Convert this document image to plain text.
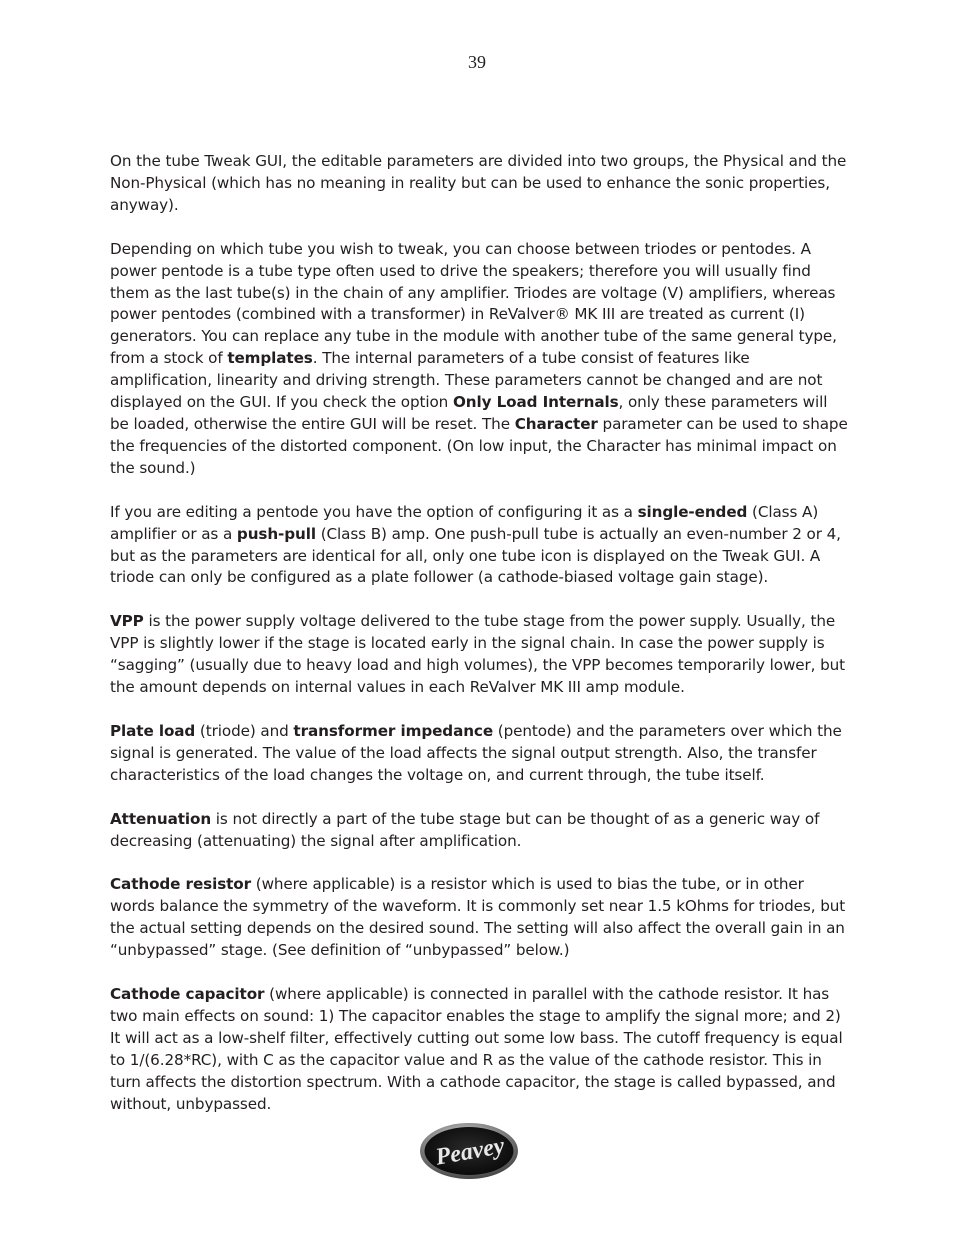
39

On the tube Tweak GUI, the editable parameters are divided into two groups, the Physical and the Non-Physical (which has no meaning in reality but can be used to enhance the sonic properties, anyway).

Depending on which tube you wish to tweak, you can choose between triodes or pentodes. A power pentode is a tube type often used to drive the speakers; therefore you will usually find them as the last tube(s) in the chain of any amplifier. Triodes are voltage (V) amplifiers, whereas power pentodes (combined with a transformer) in ReValver® MK III are treated as current (I) generators. You can replace any tube in the module with another tube of the same general type, from a stock of templates. The internal parameters of a tube consist of features like amplification, linearity and driving strength. These parameters cannot be changed and are not displayed on the GUI. If you check the option Only Load Internals, only these parameters will be loaded, otherwise the entire GUI will be reset. The Character parameter can be used to shape the frequencies of the distorted component. (On low input, the Character has minimal impact on the sound.)

If you are editing a pentode you have the option of configuring it as a single-ended (Class A) amplifier or as a push-pull (Class B) amp. One push-pull tube is actually an even-number 2 or 4, but as the parameters are identical for all, only one tube icon is displayed on the Tweak GUI. A triode can only be configured as a plate follower (a cathode-biased voltage gain stage).

VPP is the power supply voltage delivered to the tube stage from the power supply. Usually, the VPP is slightly lower if the stage is located early in the signal chain. In case the power supply is “sagging” (usually due to heavy load and high volumes), the VPP becomes temporarily lower, but the amount depends on internal values in each ReValver MK III amp module.

Plate load (triode) and transformer impedance (pentode) and the parameters over which the signal is generated. The value of the load affects the signal output strength. Also, the transfer characteristics of the load changes the voltage on, and current through, the tube itself.

Attenuation is not directly a part of the tube stage but can be thought of as a generic way of decreasing (attenuating) the signal after amplification.

Cathode resistor (where applicable) is a resistor which is used to bias the tube, or in other words balance the symmetry of the waveform. It is commonly set near 1.5 kOhms for triodes, but the actual setting depends on the desired sound. The setting will also affect the overall gain in an “unbypassed” stage. (See definition of “unbypassed” below.)

Cathode capacitor (where applicable) is connected in parallel with the cathode resistor. It has two main effects on sound: 1) The capacitor enables the stage to amplify the signal more; and 2) It will act as a low-shelf filter, effectively cutting out some low bass. The cutoff frequency is equal to 1/(6.28*RC), with C as the capacitor value and R as the value of the cathode resistor. This in turn affects the distortion spectrum. With a cathode capacitor, the stage is called bypassed, and without, unbypassed.

Peavey
